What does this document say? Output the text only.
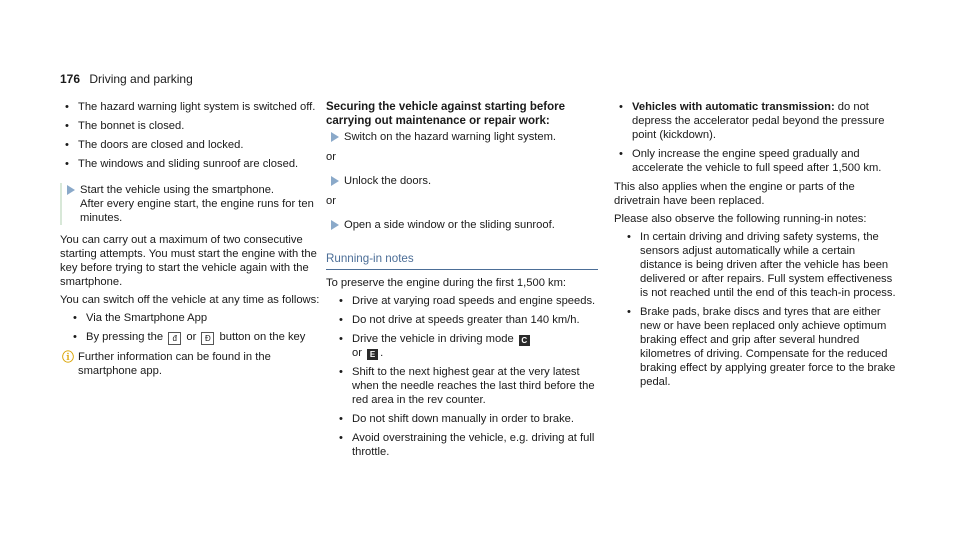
176 Driving and parking
• The hazard warning light system is switched off.
• The bonnet is closed.
• The doors are closed and locked.
• The windows and sliding sunroof are closed.
Start the vehicle using the smartphone.
After every engine start, the engine runs for ten minutes.

You can carry out a maximum of two consecutive starting attempts. You must start the engine with the key before trying to start the vehicle again with the smartphone.

You can switch off the vehicle at any time as follows:

• Via the Smartphone App
• By pressing the đ or Đ button on the key
ⓘ Further information can be found in the smartphone app.
Securing the vehicle against starting before carrying out maintenance or repair work:
Switch on the hazard warning light system.
or
Unlock the doors.
or
Open a side window or the sliding sunroof.
Running-in notes

To preserve the engine during the first 1,500 km:

• Drive at varying road speeds and engine speeds.
• Do not drive at speeds greater than 140 km/h.
• Drive the vehicle in driving mode C
or E .
• Shift to the next highest gear at the very latest when the needle reaches the last third before the red area in the rev counter.
• Do not shift down manually in order to brake.
• Avoid overstraining the vehicle, e.g. driving at full throttle.
• Vehicles with automatic transmission: do not depress the accelerator pedal beyond the pressure point (kickdown).
• Only increase the engine speed gradually and accelerate the vehicle to full speed after 1,500 km.

This also applies when the engine or parts of the drivetrain have been replaced.

Please also observe the following running-in notes:

• In certain driving and driving safety systems, the sensors adjust automatically while a certain distance is being driven after the vehicle has been delivered or after repairs. Full system effectiveness is not reached until the end of this teach-in process.
• Brake pads, brake discs and tyres that are either new or have been replaced only achieve optimum braking effect and grip after several hundred kilometres of driving. Compensate for the reduced braking effect by applying greater force to the brake pedal.
